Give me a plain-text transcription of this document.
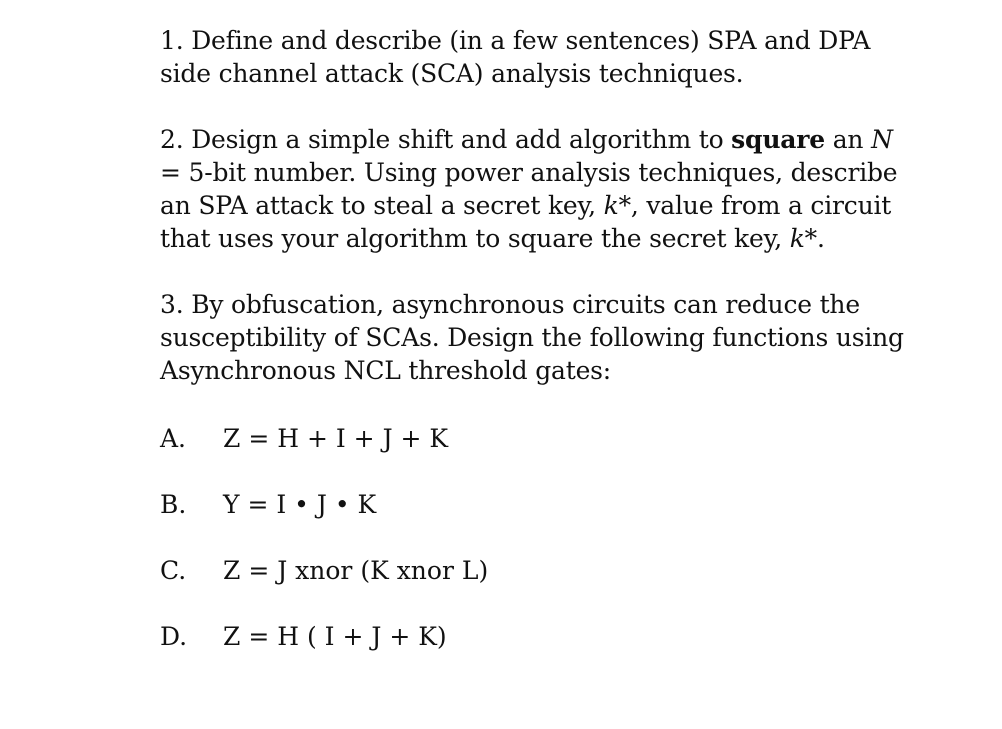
1. Define and describe (in a few sentences) SPA and DPA side channel attack (SCA) analysis techniques.

2. Design a simple shift and add algorithm to square an N = 5-bit number. Using power analysis techniques, describe an SPA attack to steal a secret key, k*, value from a circuit that uses your algorithm to square the secret key, k*.

3. By obfuscation, asynchronous circuits can reduce the susceptibility of SCAs. Design the following functions using Asynchronous NCL threshold gates:

A. Z = H + I + J + K
B. Y = I • J • K
C. Z = J xnor (K xnor L)
D. Z = H ( I + J + K)
